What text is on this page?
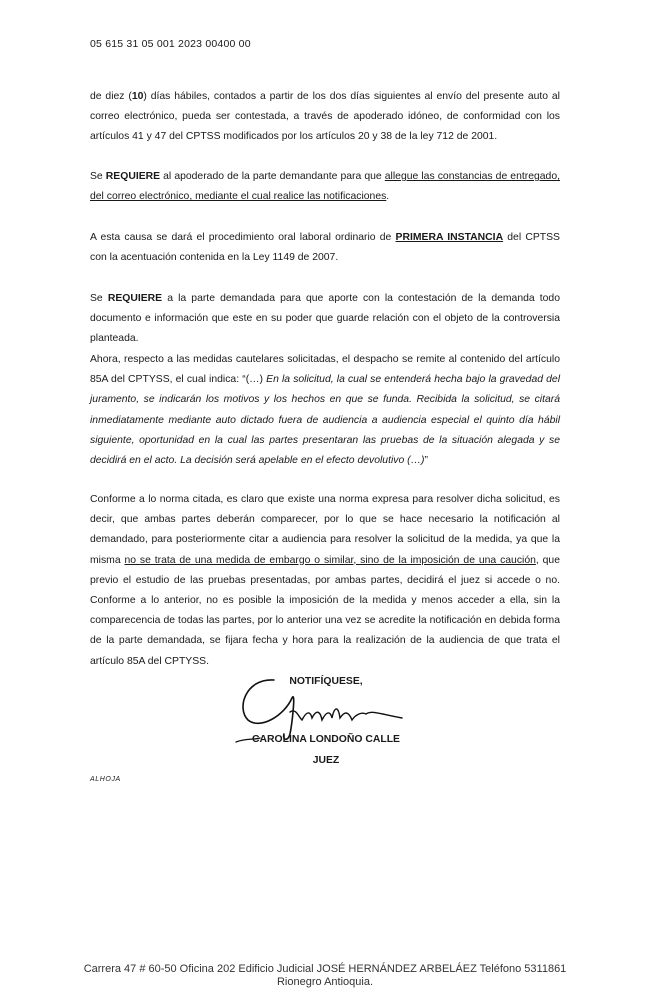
05 615 31 05 001 2023 00400 00

de diez (10) días hábiles, contados a partir de los dos días siguientes al envío del presente auto al correo electrónico, pueda ser contestada, a través de apoderado idóneo, de conformidad con los artículos 41 y 47 del CPTSS modificados por los artículos 20 y 38 de la ley 712 de 2001.

Se REQUIERE al apoderado de la parte demandante para que allegue las constancias de entregado, del correo electrónico, mediante el cual realice las notificaciones.

A esta causa se dará el procedimiento oral laboral ordinario de PRIMERA INSTANCIA del CPTSS con la acentuación contenida en la Ley 1149 de 2007.

Se REQUIERE a la parte demandada para que aporte con la contestación de la demanda todo documento e información que este en su poder que guarde relación con el objeto de la controversia planteada.

Ahora, respecto a las medidas cautelares solicitadas, el despacho se remite al contenido del artículo 85A del CPTYSS, el cual indica: “(…) En la solicitud, la cual se entenderá hecha bajo la gravedad del juramento, se indicarán los motivos y los hechos en que se funda. Recibida la solicitud, se citará inmediatamente mediante auto dictado fuera de audiencia a audiencia especial el quinto día hábil siguiente, oportunidad en la cual las partes presentaran las pruebas de la situación alegada y se decidirá en el acto. La decisión será apelable en el efecto devolutivo (…)”

Conforme a lo norma citada, es claro que existe una norma expresa para resolver dicha solicitud, es decir, que ambas partes deberán comparecer, por lo que se hace necesario la notificación al demandado, para posteriormente citar a audiencia para resolver la solicitud de la medida, ya que la misma no se trata de una medida de embargo o similar, sino de la imposición de una caución, que previo el estudio de las pruebas presentadas, por ambas partes, decidirá el juez si accede o no. Conforme a lo anterior, no es posible la imposición de la medida y menos acceder a ella, sin la comparecencia de todas las partes, por lo anterior una vez se acredite la notificación en debida forma de la parte demandada, se fijara fecha y hora para la realización de la audiencia de que trata el artículo 85A del CPTYSS.

NOTIFÍQUESE,
CAROLINA LONDOÑO CALLE
JUEZ
ALHOJA
Carrera 47 # 60-50 Oficina 202 Edificio Judicial JOSÉ HERNÁNDEZ ARBELÁEZ Teléfono 5311861
Rionegro Antioquia.
